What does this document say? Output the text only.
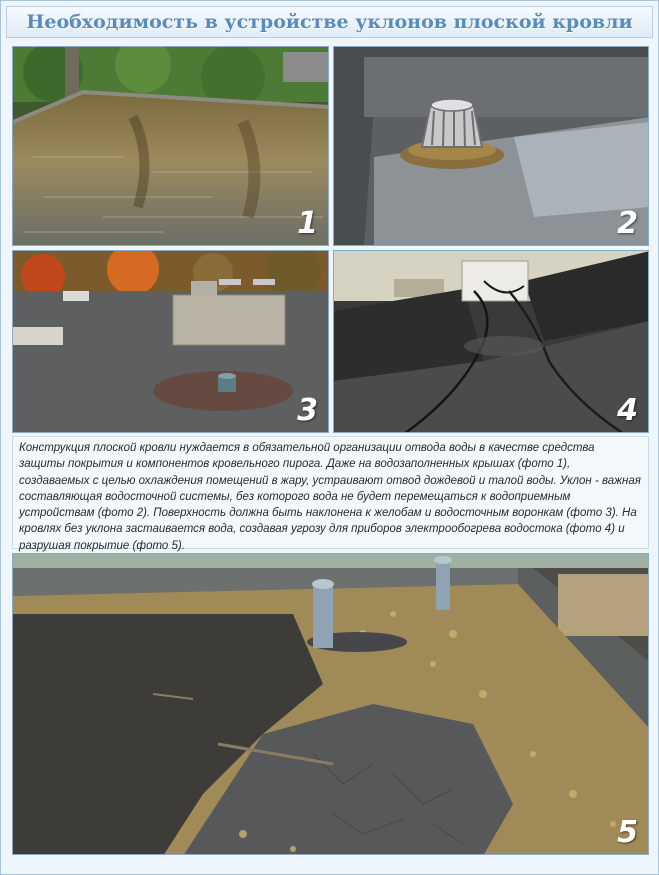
Необходимость в устройстве уклонов плоской кровли
1	2
3	4
Конструкция плоской кровли нуждается в обязательной организации отвода воды в качестве средства защиты покрытия и компонентов кровельного пирога. Даже на водозаполненных крышах (фото 1), создаваемых с целью охлаждения помещений в жару, устраивают отвод дождевой и талой воды. Уклон - важная составляющая водосточной системы, без которого вода не будет перемещаться к водоприемным устройствам (фото 2). Поверхность должна быть наклонена к желобам и водосточным воронкам (фото 3). На кровлях без уклона застаивается вода, создавая угрозу для приборов электрообогрева водостока (фото 4) и разрушая покрытие (фото 5).
5
